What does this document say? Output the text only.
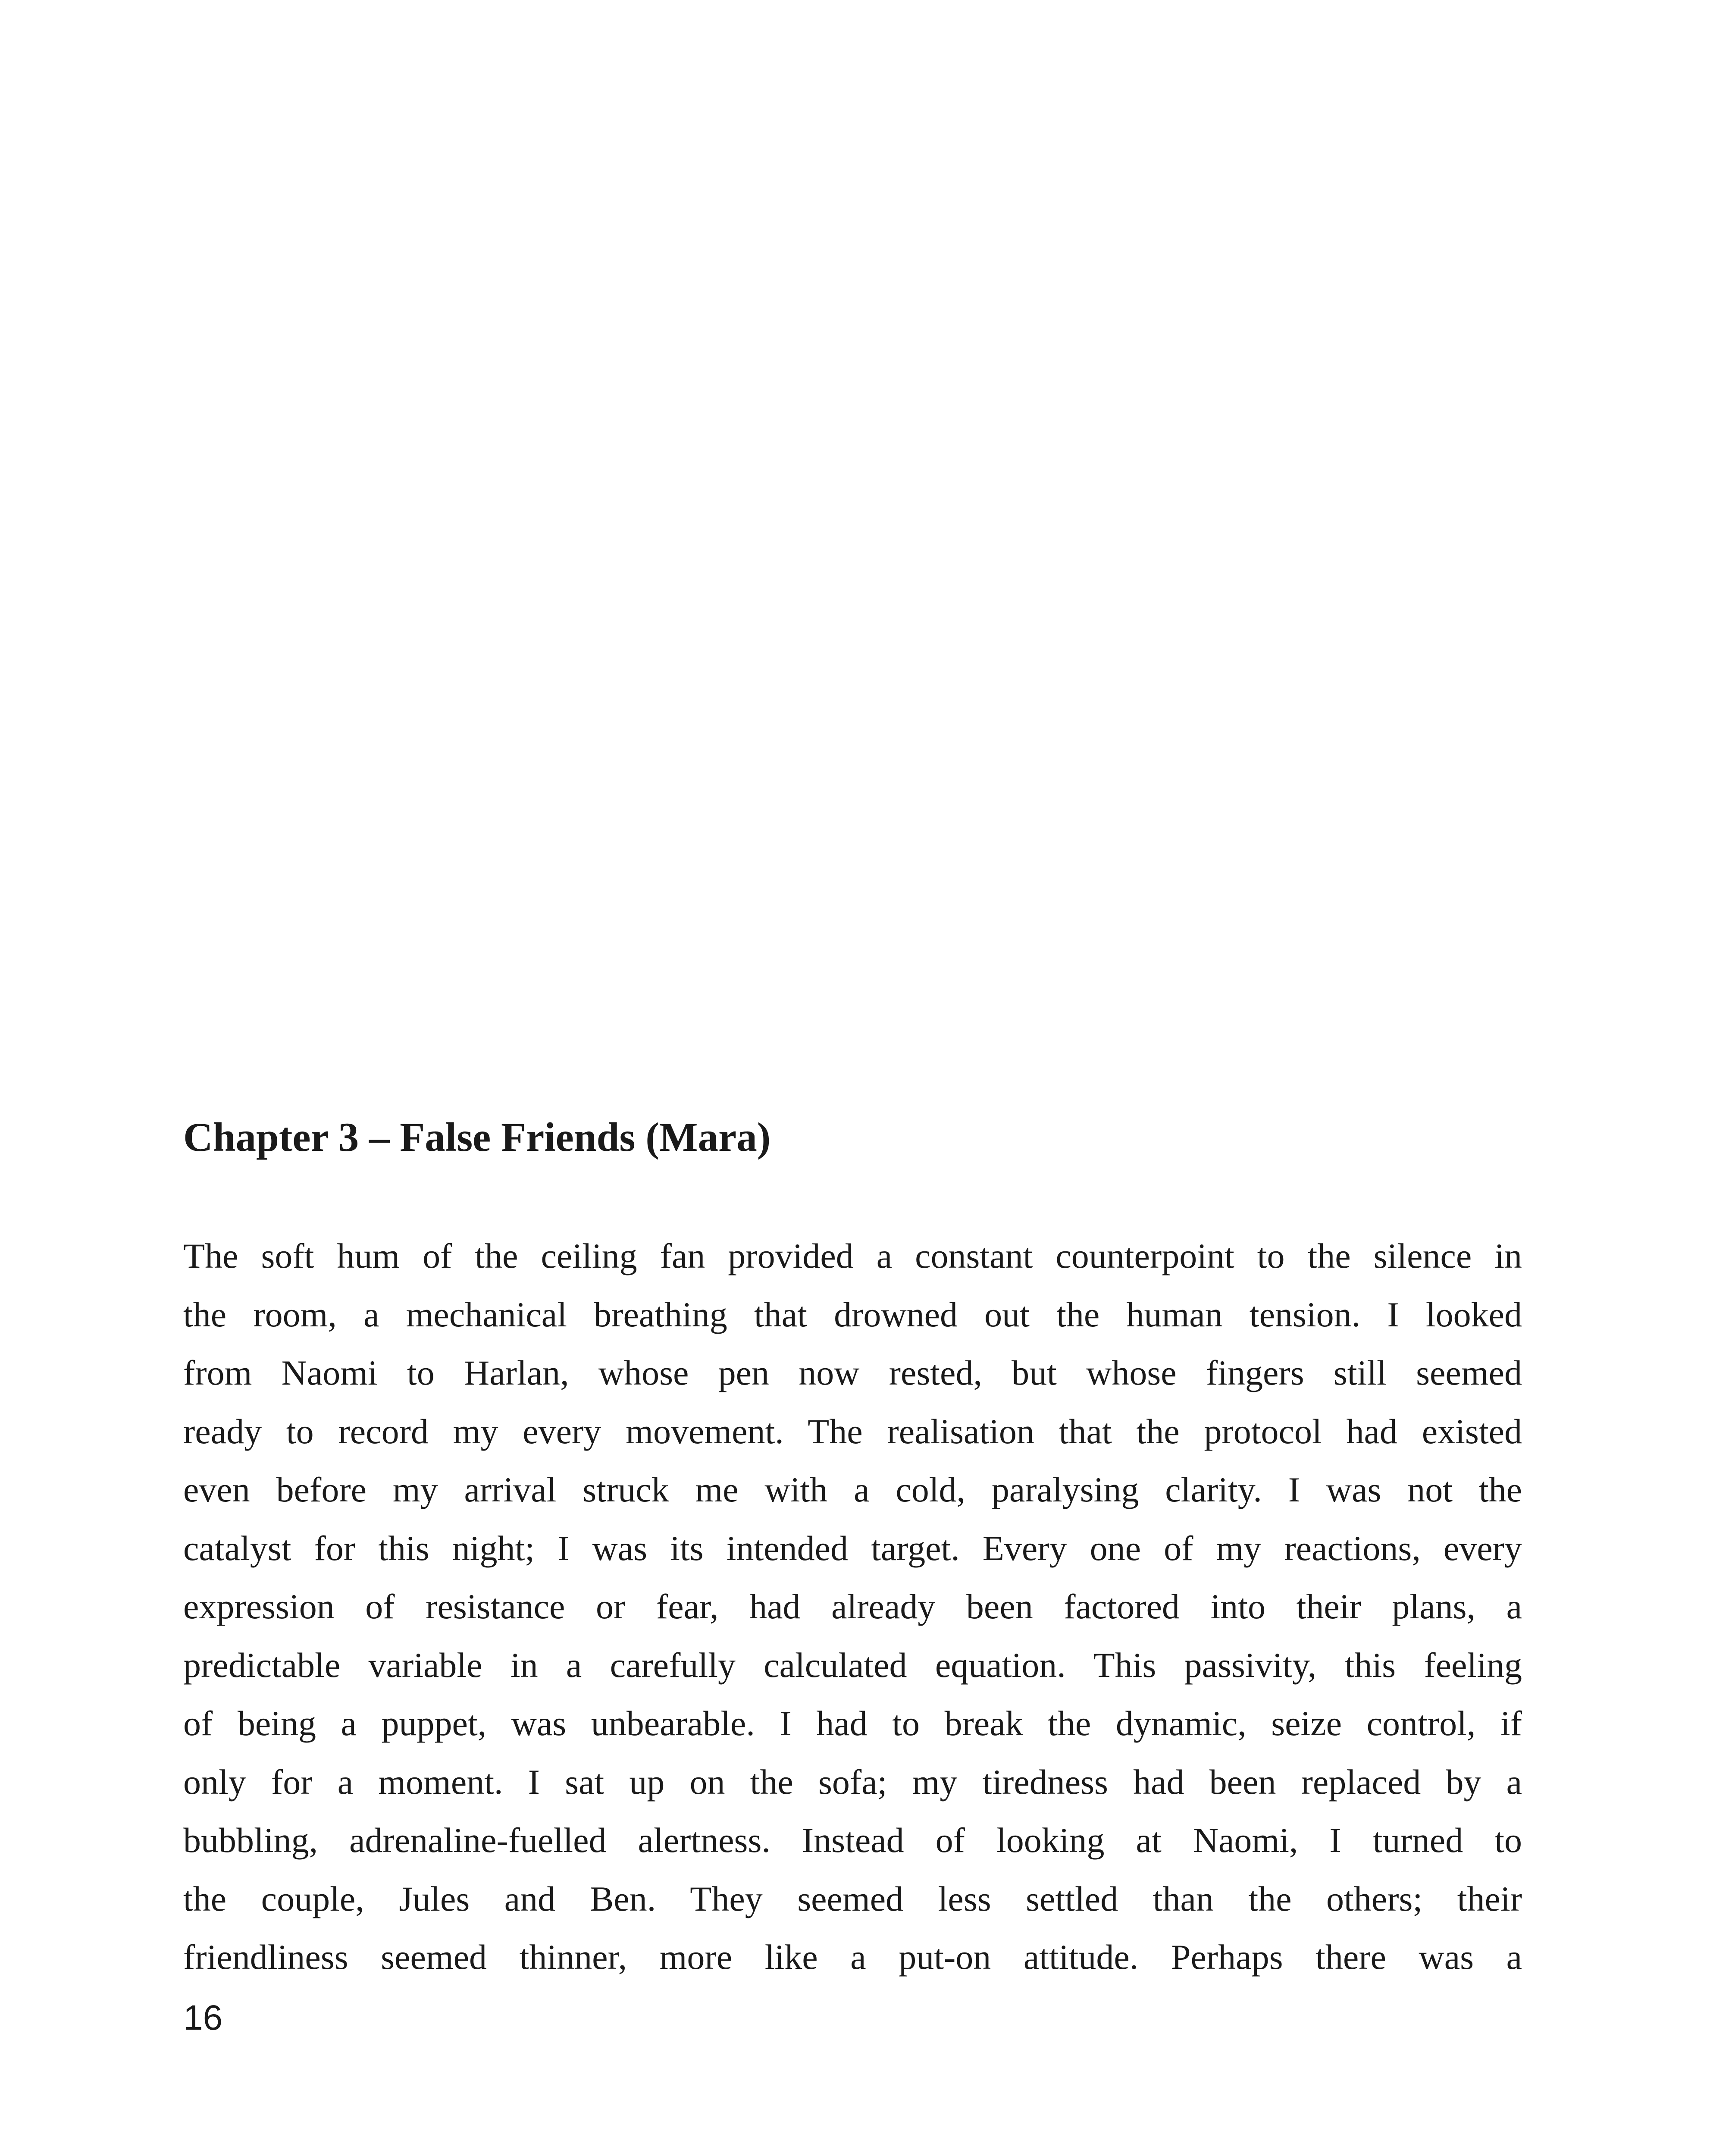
Chapter 3 – False Friends (Mara)
The soft hum of the ceiling fan provided a constant counterpoint to the silence in
the room, a mechanical breathing that drowned out the human tension. I looked
from Naomi to Harlan, whose pen now rested, but whose fingers still seemed
ready to record my every movement. The realisation that the protocol had existed
even before my arrival struck me with a cold, paralysing clarity. I was not the
catalyst for this night; I was its intended target. Every one of my reactions, every
expression of resistance or fear, had already been factored into their plans, a
predictable variable in a carefully calculated equation. This passivity, this feeling
of being a puppet, was unbearable. I had to break the dynamic, seize control, if
only for a moment. I sat up on the sofa; my tiredness had been replaced by a
bubbling, adrenaline-fuelled alertness. Instead of looking at Naomi, I turned to
the couple, Jules and Ben. They seemed less settled than the others; their
friendliness seemed thinner, more like a put-on attitude. Perhaps there was a
16
